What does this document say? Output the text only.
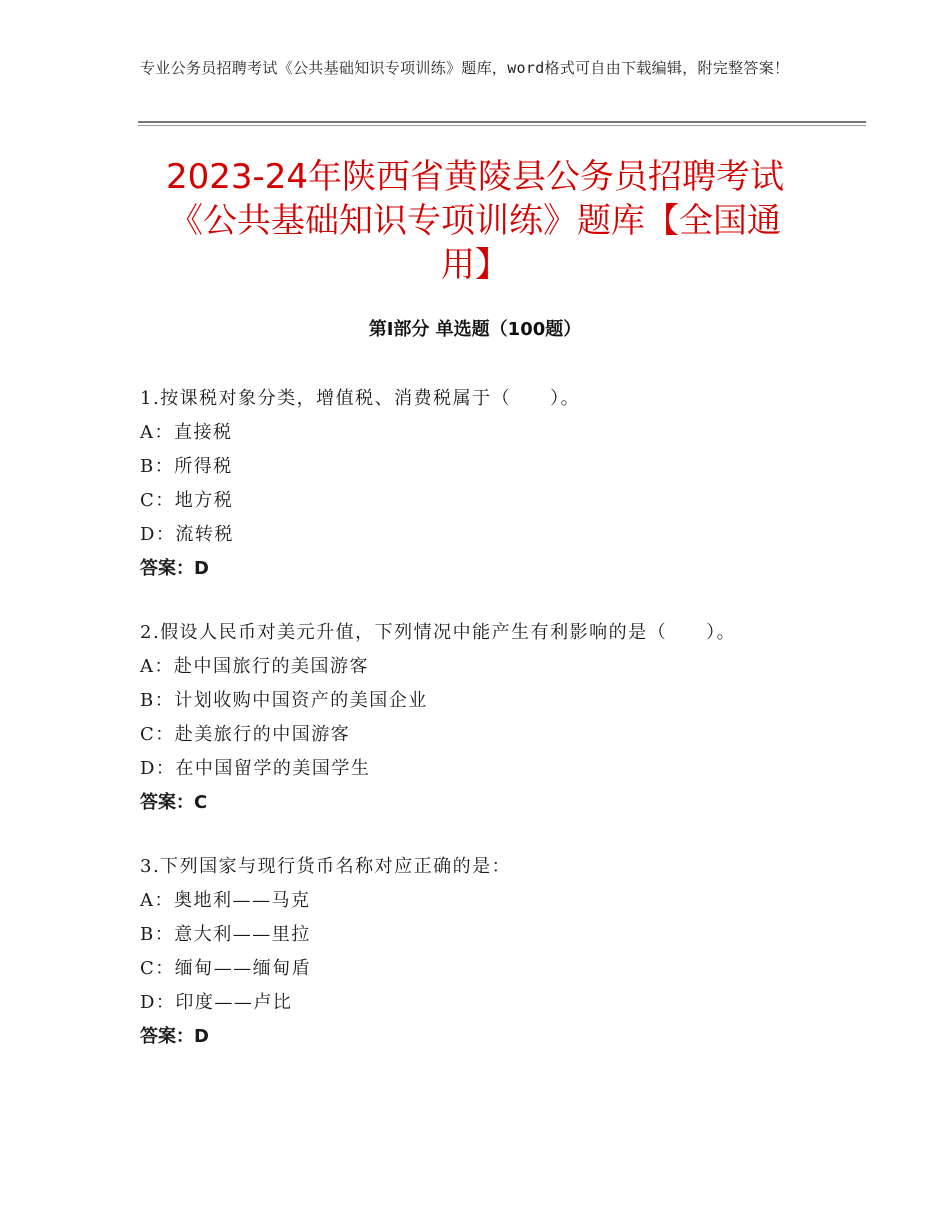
专业公务员招聘考试《公共基础知识专项训练》题库，word格式可自由下载编辑，附完整答案！
2023-24年陕西省黄陵县公务员招聘考试《公共基础知识专项训练》题库【全国通用】
第Ⅰ部分 单选题（100题）
1.按课税对象分类，增值税、消费税属于（　　）。
A：直接税
B：所得税
C：地方税
D：流转税
答案：D
2.假设人民币对美元升值，下列情况中能产生有利影响的是（　　）。
A：赴中国旅行的美国游客
B：计划收购中国资产的美国企业
C：赴美旅行的中国游客
D：在中国留学的美国学生
答案：C
3.下列国家与现行货币名称对应正确的是：
A：奥地利——马克
B：意大利——里拉
C：缅甸——缅甸盾
D：印度——卢比
答案：D
